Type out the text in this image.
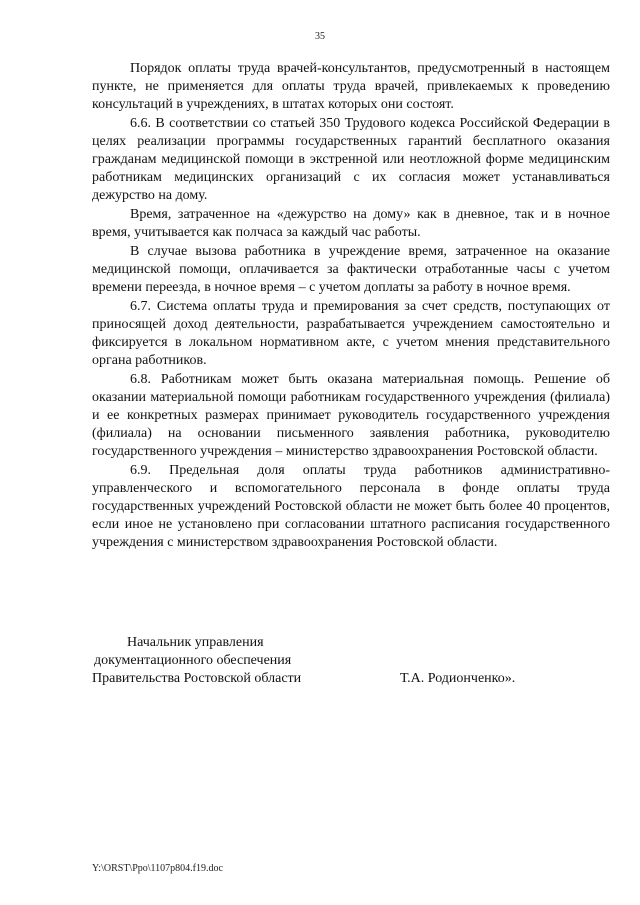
35

Порядок оплаты труда врачей-консультантов, предусмотренный в настоящем пункте, не применяется для оплаты труда врачей, привлекаемых к проведению консультаций в учреждениях, в штатах которых они состоят.

6.6. В соответствии со статьей 350 Трудового кодекса Российской Федерации в целях реализации программы государственных гарантий бесплатного оказания гражданам медицинской помощи в экстренной или неотложной форме медицинским работникам медицинских организаций с их согласия может устанавливаться дежурство на дому.

Время, затраченное на «дежурство на дому» как в дневное, так и в ночное время, учитывается как полчаса за каждый час работы.

В случае вызова работника в учреждение время, затраченное на оказание медицинской помощи, оплачивается за фактически отработанные часы с учетом времени переезда, в ночное время – с учетом доплаты за работу в ночное время.

6.7. Система оплаты труда и премирования за счет средств, поступающих от приносящей доход деятельности, разрабатывается учреждением самостоятельно и фиксируется в локальном нормативном акте, с учетом мнения представительного органа работников.

6.8. Работникам может быть оказана материальная помощь. Решение об оказании материальной помощи работникам государственного учреждения (филиала) и ее конкретных размерах принимает руководитель государственного учреждения (филиала) на основании письменного заявления работника, руководителю государственного учреждения – министерство здравоохранения Ростовской области.

6.9. Предельная доля оплаты труда работников административно-управленческого и вспомогательного персонала в фонде оплаты труда государственных учреждений Ростовской области не может быть более 40 процентов, если иное не установлено при согласовании штатного расписания государственного учреждения с министерством здравоохранения Ростовской области.

Начальник управления
документационного обеспечения
Правительства Ростовской области	Т.А. Родионченко».
Y:\ORST\Ppo\1107p804.f19.doc
